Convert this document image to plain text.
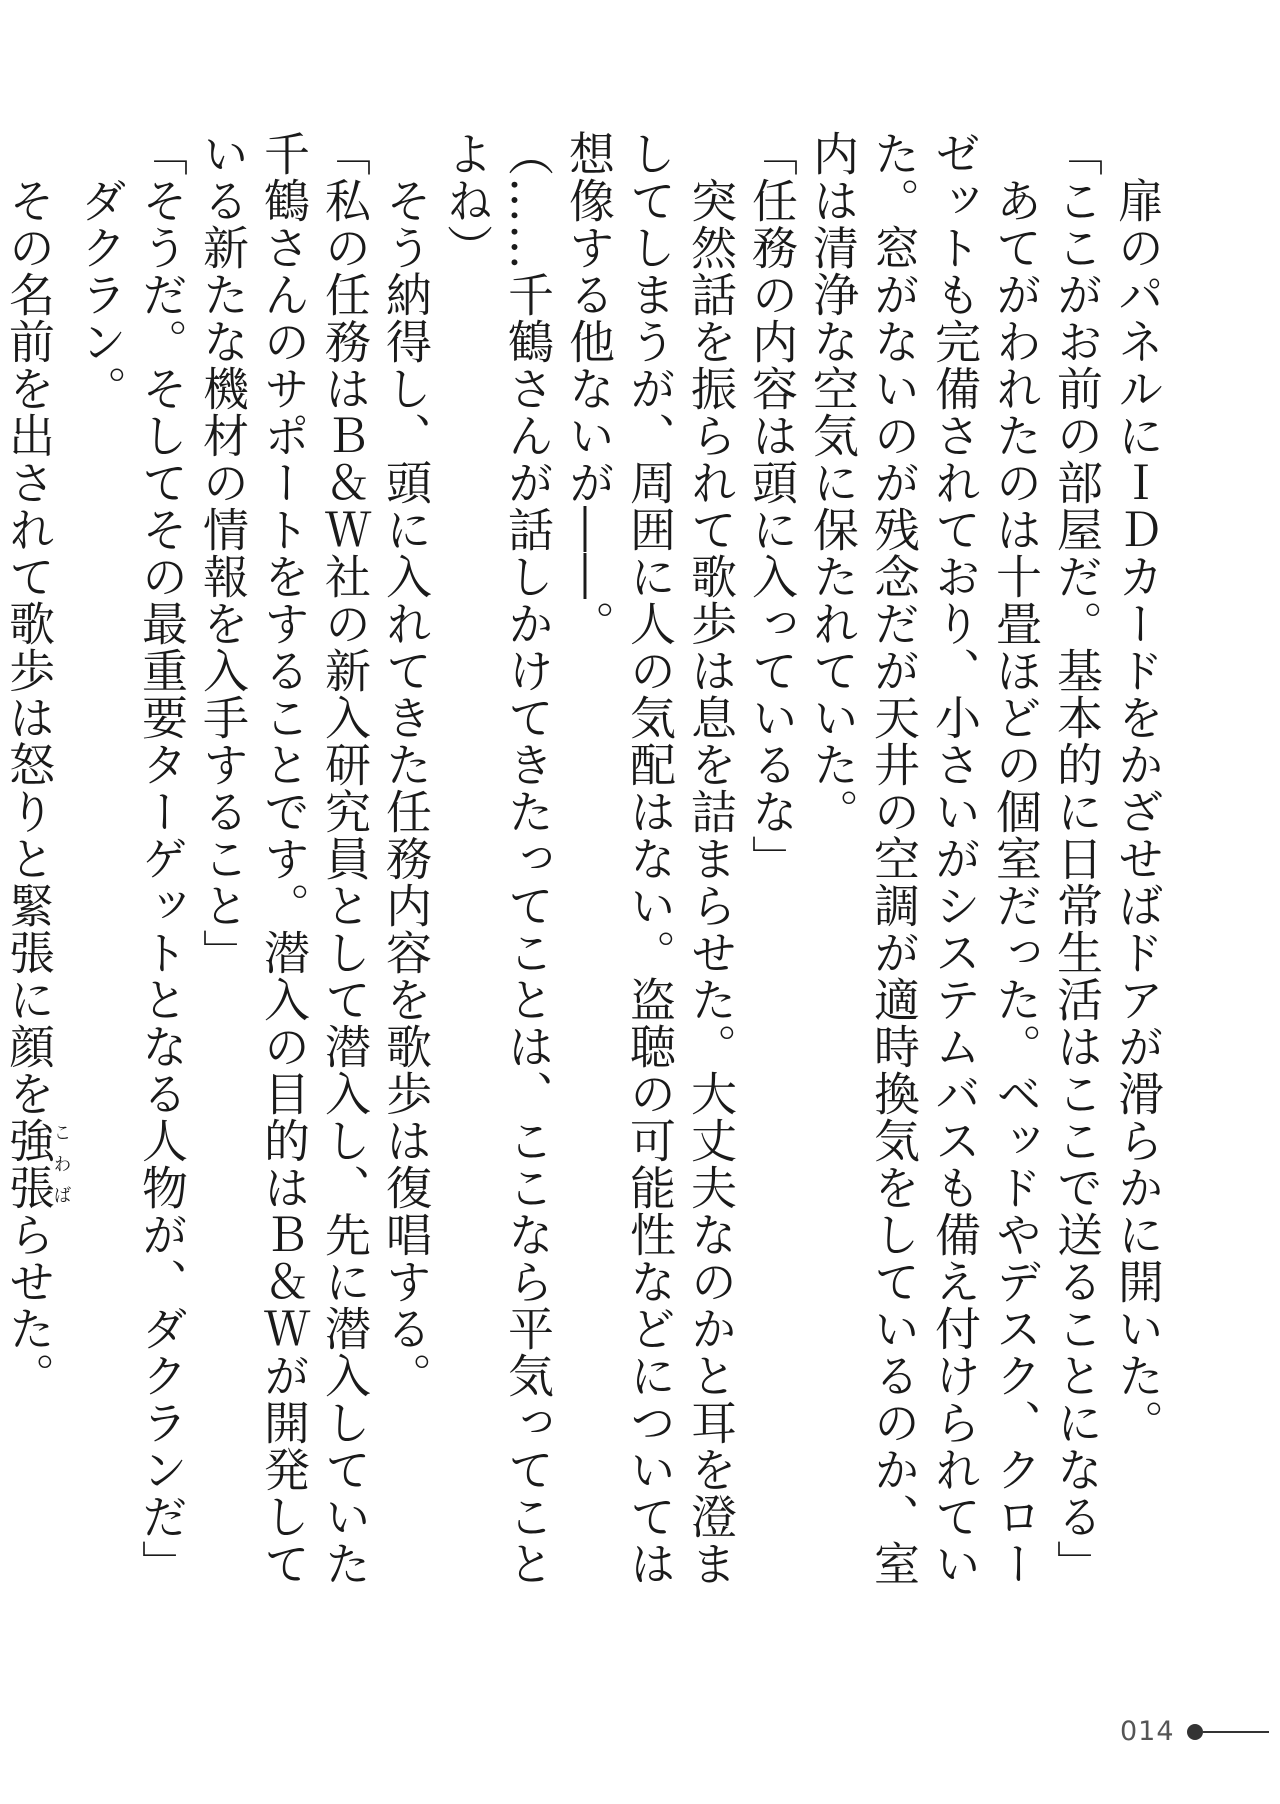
　扉のパネルにＩＤカードをかざせばドアが滑らかに開いた。

「ここがお前の部屋だ。基本的に日常生活はここで送ることになる」

　あてがわれたのは十畳ほどの個室だった。ベッドやデスク、クローゼットも完備されており、小さいがシステムバスも備え付けられていた。窓がないのが残念だが天井の空調が適時換気をしているのか、室内は清浄な空気に保たれていた。

「任務の内容は頭に入っているな」

　突然話を振られて歌歩は息を詰まらせた。大丈夫なのかと耳を澄ましてしまうが、周囲に人の気配はない。盗聴の可能性などについては想像する他ないが――。

（……千鶴さんが話しかけてきたってことは、ここなら平気ってことよね）

　そう納得し、頭に入れてきた任務内容を歌歩は復唱する。

「私の任務はＢ＆Ｗ社の新入研究員として潜入し、先に潜入していた千鶴さんのサポートをすることです。潜入の目的はＢ＆Ｗが開発している新たな機材の情報を入手すること」

「そうだ。そしてその最重要ターゲットとなる人物が、ダクランだ」

　ダクラン。

　その名前を出されて歌歩は怒りと緊張に顔を強張こわばらせた。

014
